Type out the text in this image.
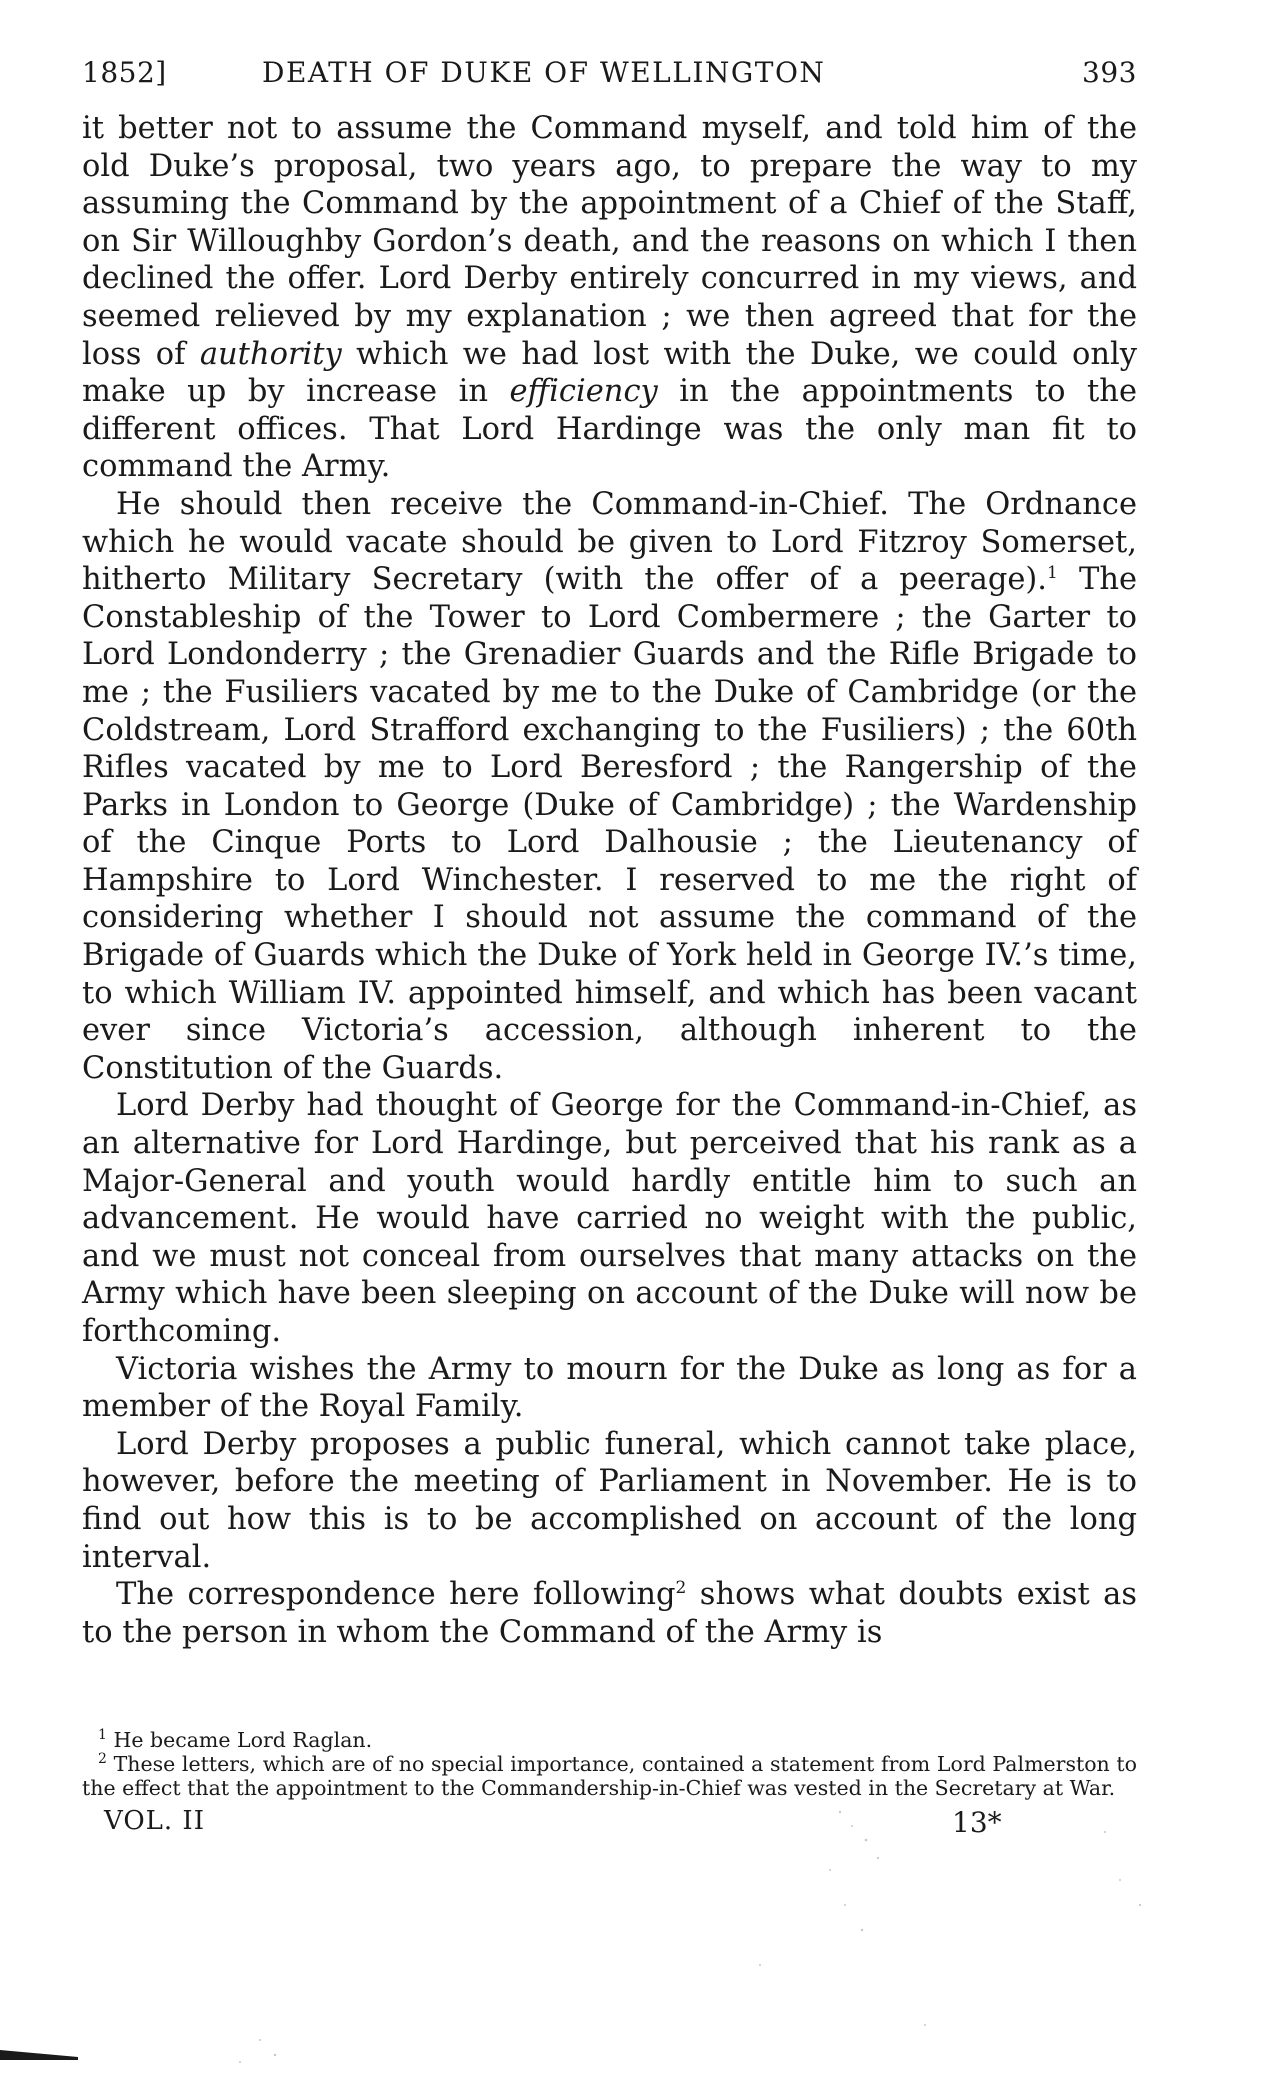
1852]	DEATH OF DUKE OF WELLINGTON	393

it better not to assume the Command myself, and told him of the old Duke’s proposal, two years ago, to prepare the way to my assuming the Command by the appointment of a Chief of the Staff, on Sir Willoughby Gordon’s death, and the reasons on which I then declined the offer. Lord Derby entirely concurred in my views, and seemed relieved by my explanation ; we then agreed that for the loss of authority which we had lost with the Duke, we could only make up by increase in efficiency in the appointments to the different offices. That Lord Hardinge was the only man fit to command the Army.

He should then receive the Command-in-Chief. The Ordnance which he would vacate should be given to Lord Fitzroy Somerset, hitherto Military Secretary (with the offer of a peerage).$^1$ The Constableship of the Tower to Lord Combermere ; the Garter to Lord Londonderry ; the Grenadier Guards and the Rifle Brigade to me ; the Fusiliers vacated by me to the Duke of Cambridge (or the Coldstream, Lord Strafford exchanging to the Fusiliers) ; the 60th Rifles vacated by me to Lord Beresford ; the Rangership of the Parks in London to George (Duke of Cambridge) ; the Wardenship of the Cinque Ports to Lord Dalhousie ; the Lieutenancy of Hampshire to Lord Winchester. I reserved to me the right of considering whether I should not assume the command of the Brigade of Guards which the Duke of York held in George IV.’s time, to which William IV. appointed himself, and which has been vacant ever since Victoria’s accession, although inherent to the Constitution of the Guards.

Lord Derby had thought of George for the Command-in-Chief, as an alternative for Lord Hardinge, but perceived that his rank as a Major-General and youth would hardly entitle him to such an advancement. He would have carried no weight with the public, and we must not conceal from ourselves that many attacks on the Army which have been sleeping on account of the Duke will now be forthcoming.

Victoria wishes the Army to mourn for the Duke as long as for a member of the Royal Family.

Lord Derby proposes a public funeral, which cannot take place, however, before the meeting of Parliament in November. He is to find out how this is to be accomplished on account of the long interval.

The correspondence here following$^2$ shows what doubts exist as to the person in whom the Command of the Army is

$^1$ He became Lord Raglan.

$^2$ These letters, which are of no special importance, contained a statement from Lord Palmerston to the effect that the appointment to the Commandership-in-Chief was vested in the Secretary at War.

VOL. II	13*
